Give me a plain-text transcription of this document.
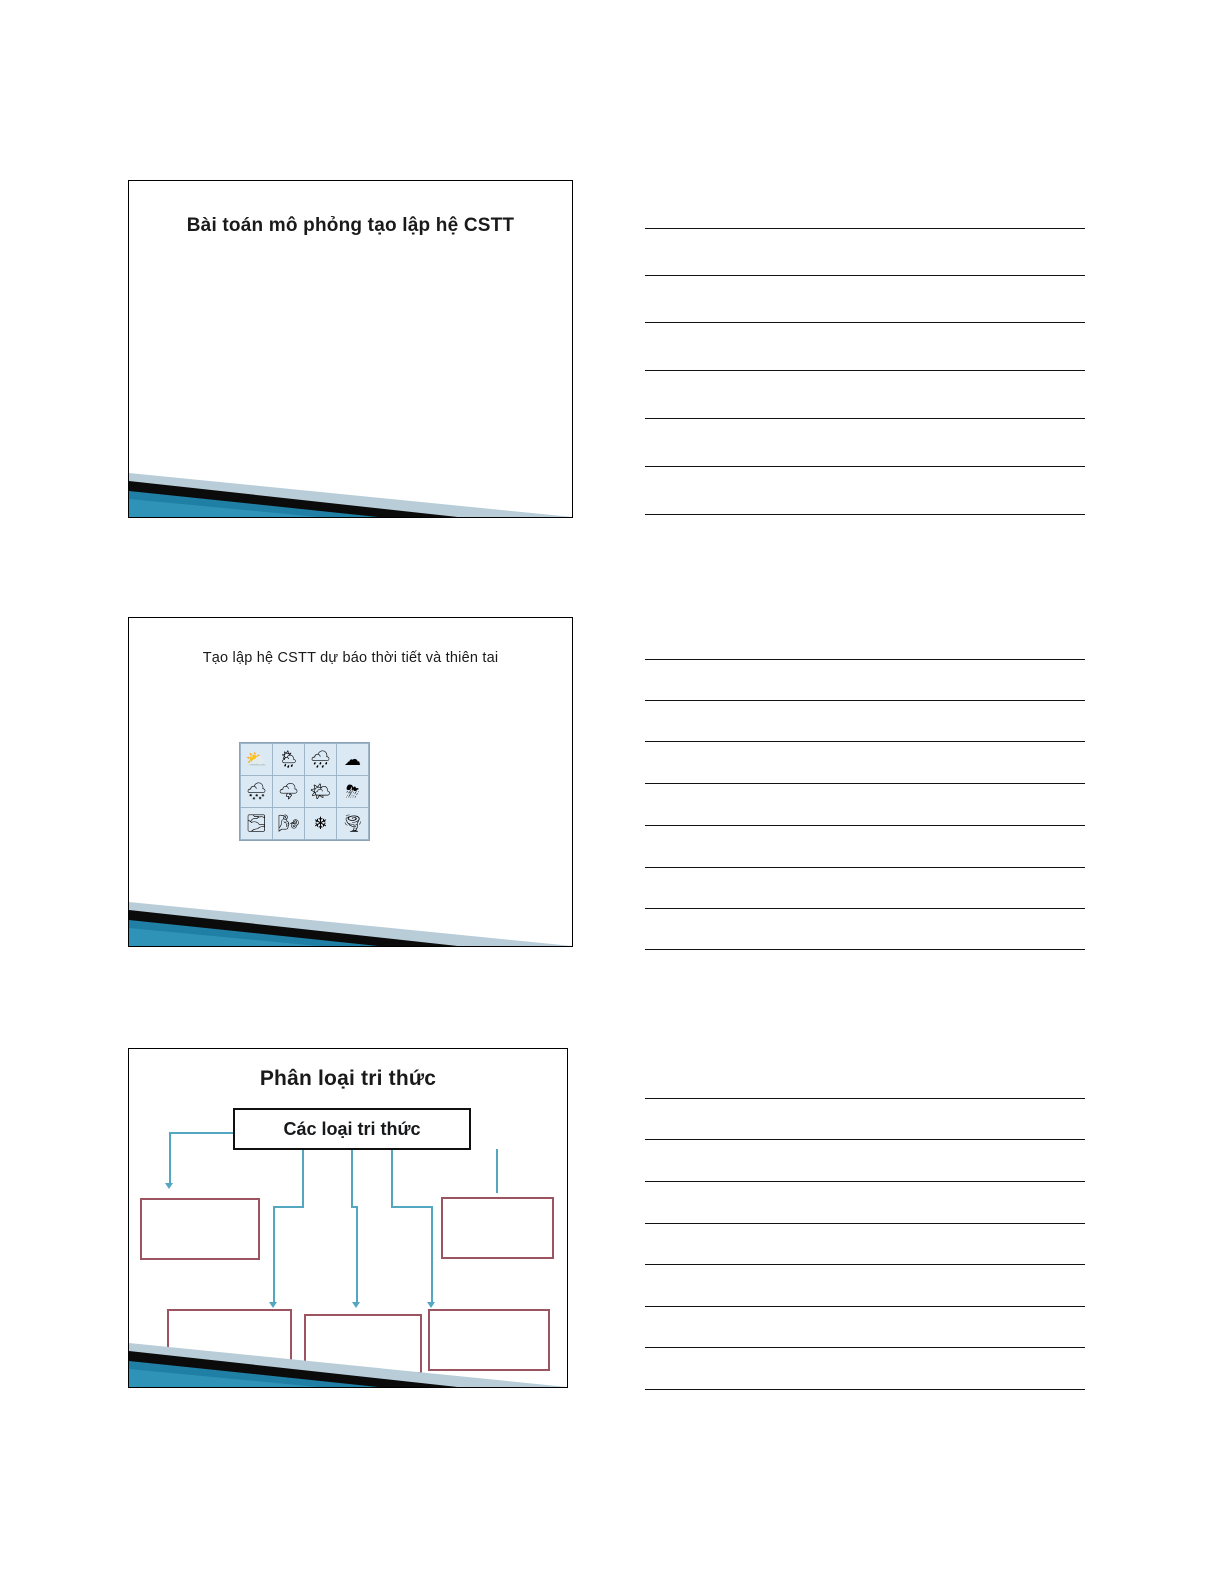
Bài toán mô phỏng tạo lập hệ CSTT
Tạo lập hệ CSTT dự báo thời tiết và thiên tai
⛅ 🌦 🌧 ☁
🌨 🌩 🌤 ⛈
🌫 🌬 ❄ 🌪
Phân loại tri thức
Các loại tri thức
